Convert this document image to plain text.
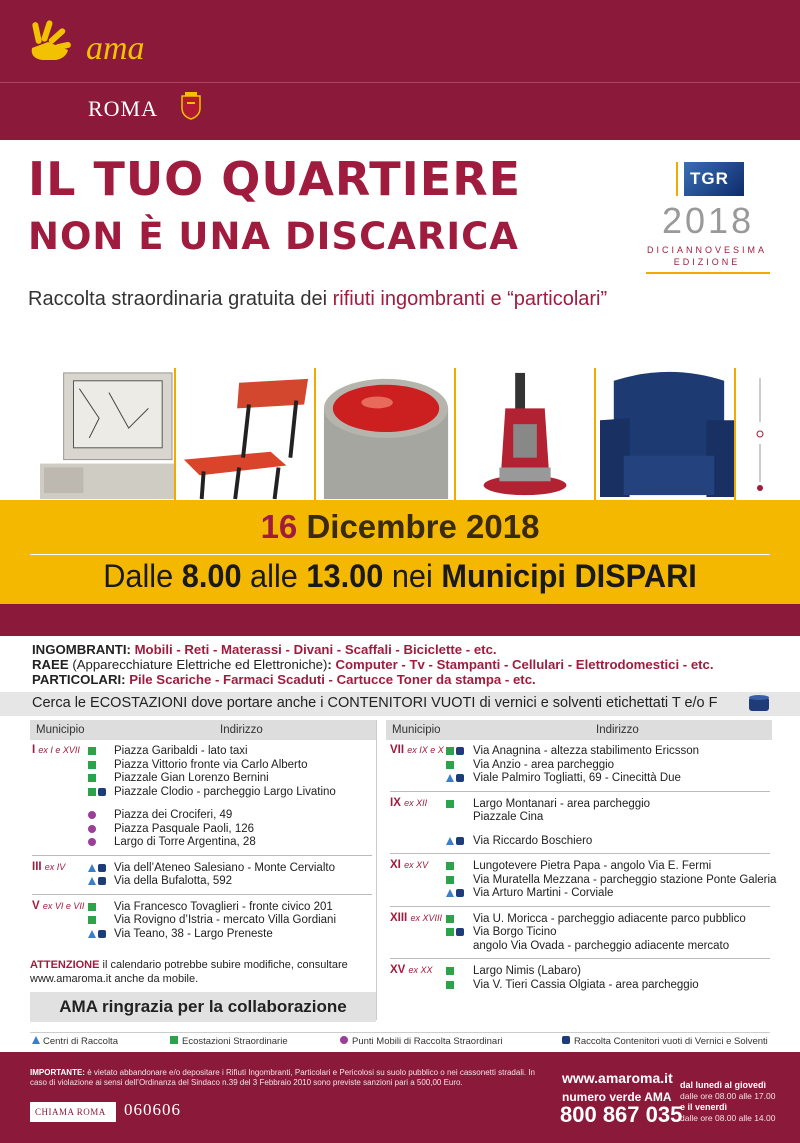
ama
ROMA
IL TUO QUARTIERE
NON È UNA DISCARICA
Raccolta straordinaria gratuita dei rifiuti ingombranti e “particolari”
TGR
2018
DICIANNOVESIMA
EDIZIONE
16 Dicembre 2018
Dalle 8.00 alle 13.00 nei Municipi DISPARI
INGOMBRANTI: Mobili - Reti - Materassi - Divani - Scaffali - Biciclette - etc.
RAEE (Apparecchiature Elettriche ed Elettroniche): Computer - Tv - Stampanti - Cellulari - Elettrodomestici - etc.
PARTICOLARI: Pile Scariche - Farmaci Scaduti - Cartucce Toner da stampa - etc.
Cerca le ECOSTAZIONI dove portare anche i CONTENITORI VUOTI di vernici e solventi etichettati T e/o F
Municipio	Indirizzo	Municipio	Indirizzo
ATTENZIONE il calendario potrebbe subire modifiche, consultare www.amaroma.it anche da mobile.
AMA ringrazia per la collaborazione
Centri di Raccolta	Ecostazioni Straordinarie	Punti Mobili di Raccolta Straordinari	Raccolta Contenitori vuoti di Vernici e Solventi
IMPORTANTE: è vietato abbandonare e/o depositare i Rifiuti Ingombranti, Particolari e Pericolosi su suolo pubblico o nei cassonetti stradali. In caso di violazione ai sensi dell’Ordinanza del Sindaco n.39 del 3 Febbraio 2010 sono previste sanzioni pari a 500,00 Euro.
CHIAMA ROMA	060606
www.amaroma.it
numero verde AMA
800 867 035
dal lunedì al giovedì
dalle ore 08.00 alle 17.00
e il venerdì
dalle ore 08.00 alle 14.00
I ex I e XVII	Piazza Garibaldi - lato taxi
Piazza Vittorio fronte via Carlo Alberto
Piazzale Gian Lorenzo Bernini
Piazzale Clodio - parcheggio Largo Livatino
Piazza dei Crociferi, 49
Piazza Pasquale Paoli, 126
Largo di Torre Argentina, 28
III ex IV	Via dell’Ateneo Salesiano - Monte Cervialto
Via della Bufalotta, 592
V ex VI e VII	Via Francesco Tovaglieri - fronte civico 201
Via Rovigno d’Istria - mercato Villa Gordiani
Via Teano, 38 - Largo Preneste
VII ex IX e X	Via Anagnina - altezza stabilimento Ericsson
Via Anzio - area parcheggio
Viale Palmiro Togliatti, 69 - Cinecittà Due
IX ex XII	Largo Montanari - area parcheggio
Piazzale Cina
Via Riccardo Boschiero
XI ex XV	Lungotevere Pietra Papa - angolo Via E. Fermi
Via Muratella Mezzana - parcheggio stazione Ponte Galeria
Via Arturo Martini - Corviale
XIII ex XVIII	Via U. Moricca - parcheggio adiacente parco pubblico
Via Borgo Ticino
angolo Via Ovada - parcheggio adiacente mercato
XV ex XX	Largo Nimis (Labaro)
Via V. Tieri Cassia Olgiata - area parcheggio
